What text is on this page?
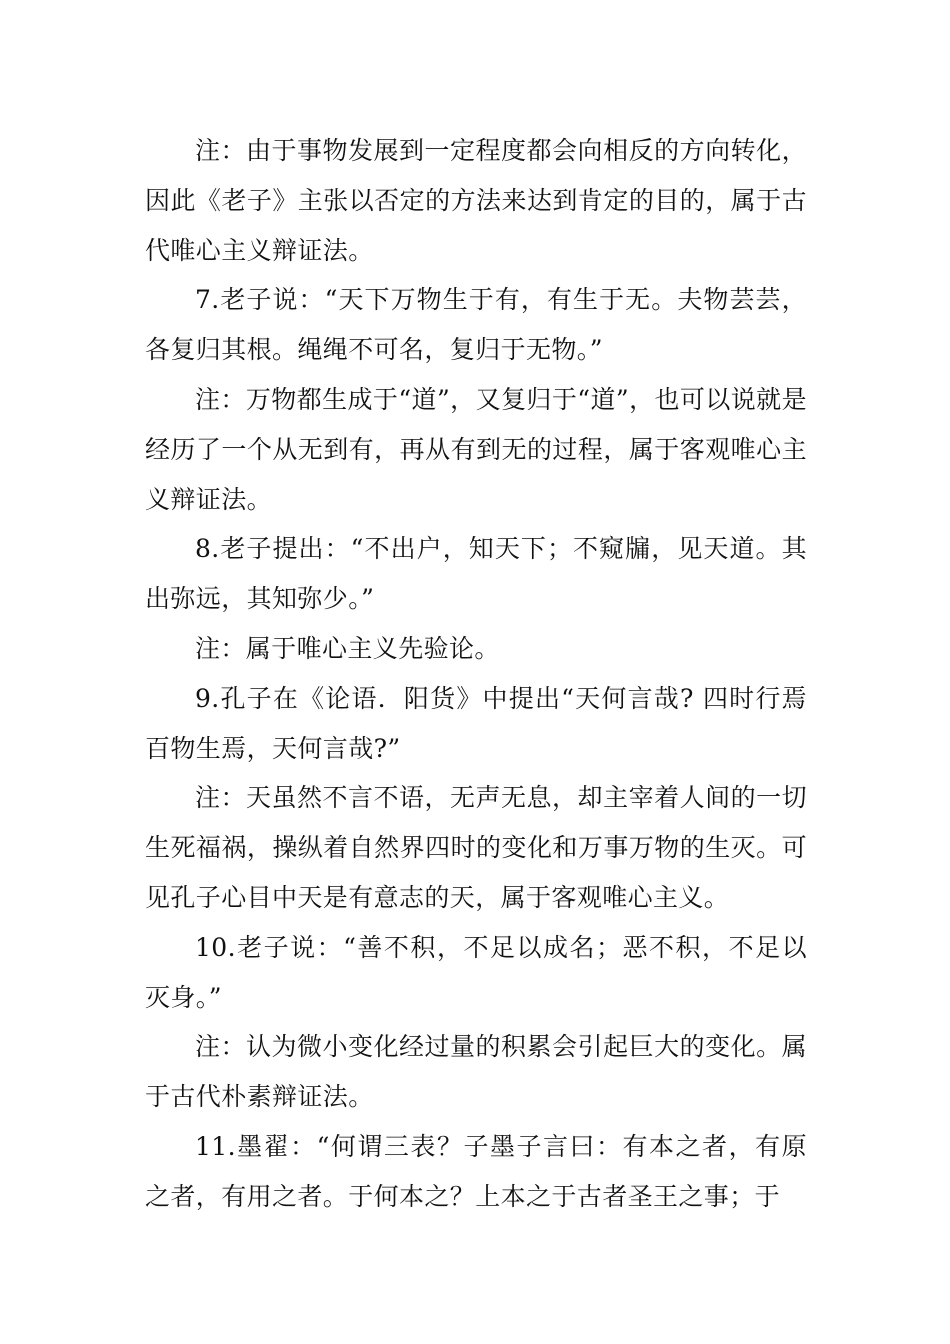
注：由于事物发展到一定程度都会向相反的方向转化，因此《老子》主张以否定的方法来达到肯定的目的，属于古代唯心主义辩证法。

7.老子说：“天下万物生于有，有生于无。夫物芸芸，各复归其根。绳绳不可名，复归于无物。”

注：万物都生成于“道”，又复归于“道”，也可以说就是经历了一个从无到有，再从有到无的过程，属于客观唯心主义辩证法。

8.老子提出：“不出户，知天下；不窥牖，见天道。其出弥远，其知弥少。”

注：属于唯心主义先验论。

9.孔子在《论语．阳货》中提出“天何言哉? 四时行焉百物生焉，天何言哉?”

注：天虽然不言不语，无声无息，却主宰着人间的一切生死福祸，操纵着自然界四时的变化和万事万物的生灭。可见孔子心目中天是有意志的天，属于客观唯心主义。

10.老子说：“善不积，不足以成名；恶不积，不足以灭身。”

注：认为微小变化经过量的积累会引起巨大的变化。属于古代朴素辩证法。

11.墨翟：“何谓三表？子墨子言曰：有本之者，有原之者，有用之者。于何本之？上本之于古者圣王之事；于
